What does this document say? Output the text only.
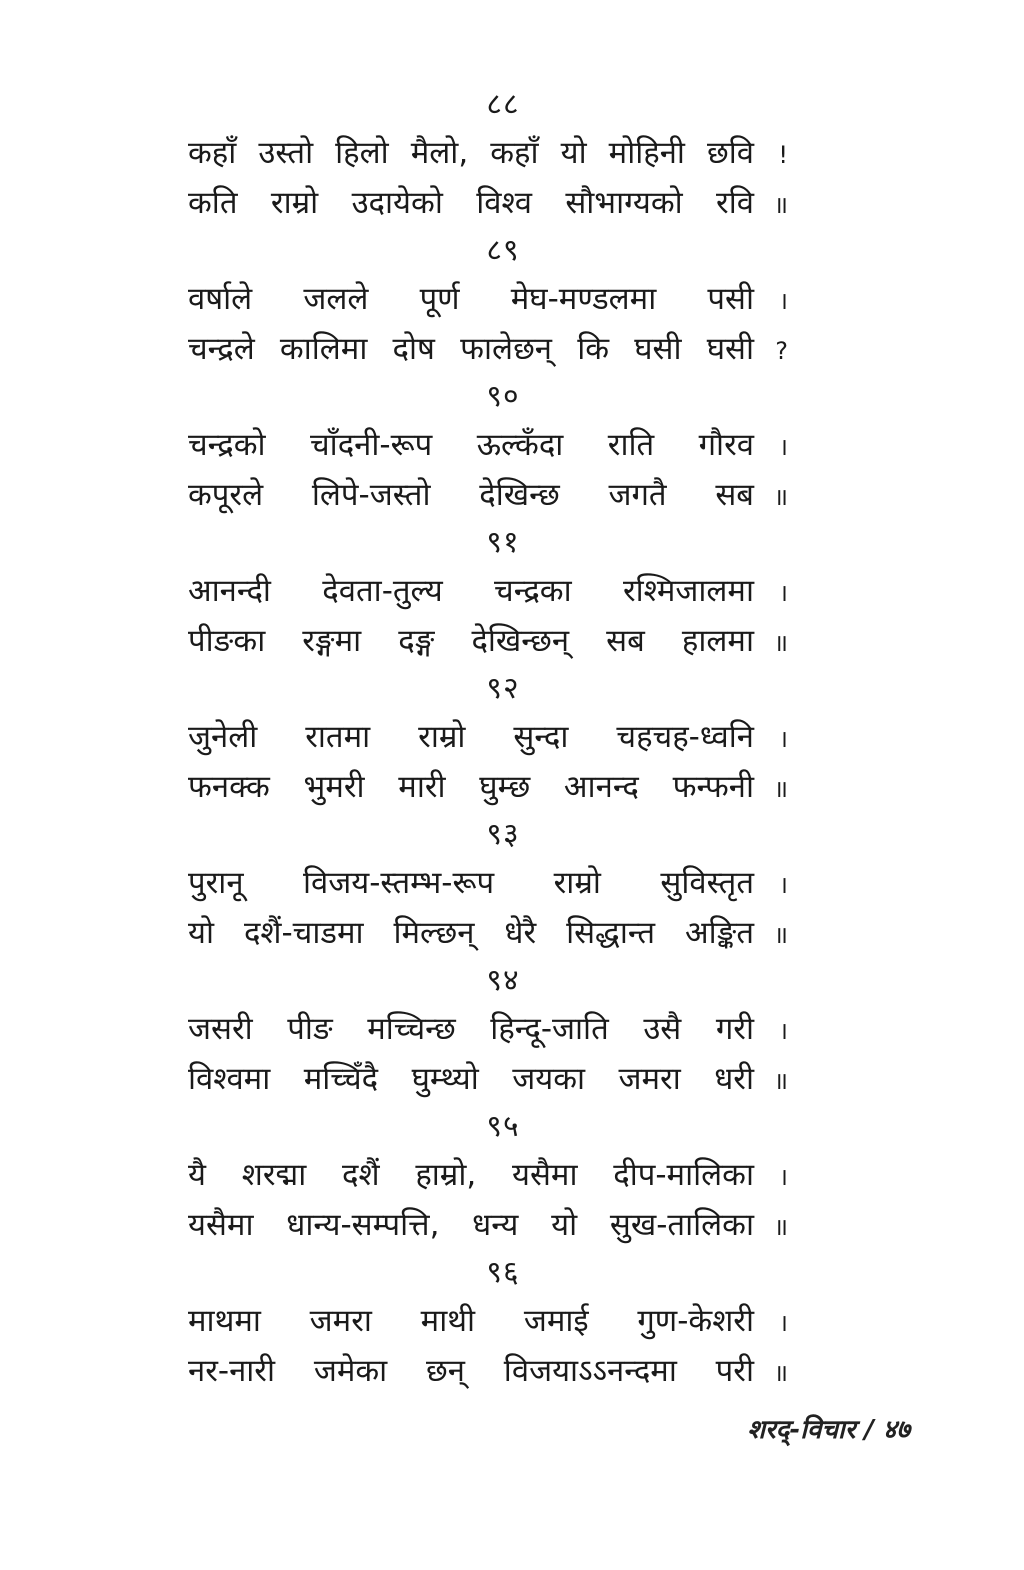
८८
कहाँ उस्तो हिलो मैलो, कहाँ यो मोहिनी छवि	!
कति राम्रो उदायेको विश्व सौभाग्यको रवि ॥
८९
वर्षाले जलले पूर्ण मेघ-मण्डलमा पसी	।
चन्द्रले कालिमा दोष फालेछन् कि घसी घसी ?
९०
चन्द्रको चाँदनी-रूप ऊल्कँदा राति गौरव	।
कपूरले लिपे-जस्तो देखिन्छ जगतै सब ॥
९१
आनन्दी देवता-तुल्य चन्द्रका रश्मिजालमा	।
पीङका रङ्गमा दङ्ग देखिन्छन् सब हालमा ॥
९२
जुनेली रातमा राम्रो सुन्दा चहचह-ध्वनि	।
फनक्क भुमरी मारी घुम्छ आनन्द फन्फनी ॥
९३
पुरानू विजय-स्तम्भ-रूप राम्रो सुविस्तृत	।
यो दशैं-चाडमा मिल्छन् धेरै सिद्धान्त अङ्कित ॥
९४
जसरी पीङ मच्चिन्छ हिन्दू-जाति उसै गरी	।
विश्वमा मच्चिँदै घुम्थ्यो जयका जमरा धरी ॥
९५
यै शरद्मा दशैं हाम्रो, यसैमा दीप-मालिका	।
यसैमा धान्य-सम्पत्ति, धन्य यो सुख-तालिका ॥
९६
माथमा जमरा माथी जमाई गुण-केशरी	।
नर-नारी जमेका छन् विजयाऽऽनन्दमा परी ॥
शरद्-विचार / ४७
